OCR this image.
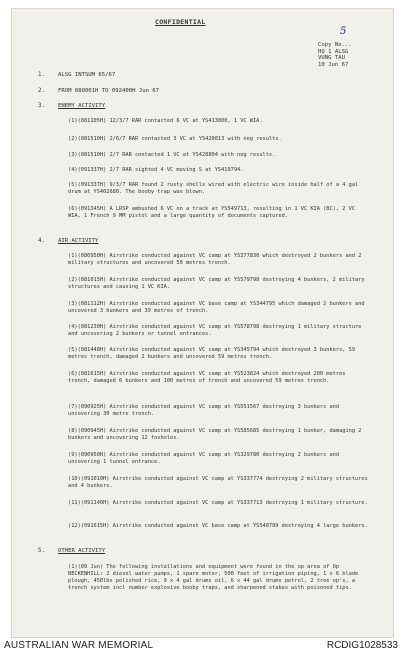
CONFIDENTIAL
5
Copy No...
HQ 1 ALSG
VUNG TAU
10 Jun 67
1. ALSG INTSUM 65/67
2. FROM 080001H TO 092400H Jun 67
3. ENEMY ACTIVITY
(1)(081105H) 12/3/7 RAR contacted 6 VC at YS413800, 1 VC WIA.
(2)(081510H) 2/6/7 RAR contacted 3 VC at YS420813 with neg results.
(3)(081510H) 2/7 RAR contacted 1 VC at YS428804 with neg results.
(4)(091337H) 2/7 RAR sighted 4 VC moving S at YS419794.
(5)(091337H) 9/3/7 RAR found 2 rusty shells wired with electric wire inside half of a 4 gal drum at YS402680. The booby trap was blown.
(6)(091345H) A LRSP ambushed 6 VC on a track at YS549713, resulting in 1 VC KIA (BC), 2 VC WIA, 1 French 9 MM pistol and a large quantity of documents captured.
4. AIR ACTIVITY
(1)(080950H) Airstrike conducted against VC camp at YS377830 which destroyed 2 bunkers and 2 military structures and uncovered 50 metres trench.
(2)(081015H) Airstrike conducted against VC camp at YS579798 destroying 4 bunkers, 2 military structures and causing 1 VC KIA.
(3)(081112H) Airstrike conducted against VC base camp at YS344795 which damaged 2 bunkers and uncovered 3 bunkers and 39 metres of trench.
(4)(081230H) Airstrike conducted against VC camp at YS578798 destroying 1 military structure and uncovering 2 bunkers or tunnel entrances.
(5)(081448H) Airstrike conducted against VC camp at YS345794 which destroyed 3 bunkers, 59 metres trench, damaged 2 bunkers and uncovered 59 metres trench.
(6)(081615H) Airstrike conducted against VC camp at YS523824 which destroyed 200 metres trench, damaged 6 bunkers and 100 metres of trench and uncovered 59 metres trench.
(7)(090925H) Airstrike conducted against VC camp at YS551567 destroying 3 bunkers and uncovering 30 metre trench.
(8)(090945H) Airstrike conducted against VC camp at YS585685 destroying 1 bunker, damaging 2 bunkers and uncovering 12 foxholes.
(9)(090950H) Airstrike conducted against VC camp at YS329780 destroying 2 bunkers and uncovering 1 tunnel entrance.
(10)(091010H) Airstrike conducted against VC camp at YS337774 destroying 2 military structures and 4 bunkers.
(11)(091140H) Airstrike conducted against VC camp at YS337713 destroying 1 military structure.
(12)(091615H) Airstrike conducted against VC base camp at YS548789 destroying 4 large bunkers.
5. OTHER ACTIVITY
(1)(09 Jun) The following installations and equipment were found in the op area of Op BECKENHILL: 2 diesel water pumps, 1 spare motor, 500 feet of irrigation piping, 1 x 6 blade plough, 450lbs polished rice, 9 x 4 gal drums oil, 6 x 44 gal drums petrol, 2 tree op's, a trench system incl number explosive booby traps, and sharpened stakes with poisoned tips.
AUSTRALIAN WAR MEMORIAL	RCDIG1028533
